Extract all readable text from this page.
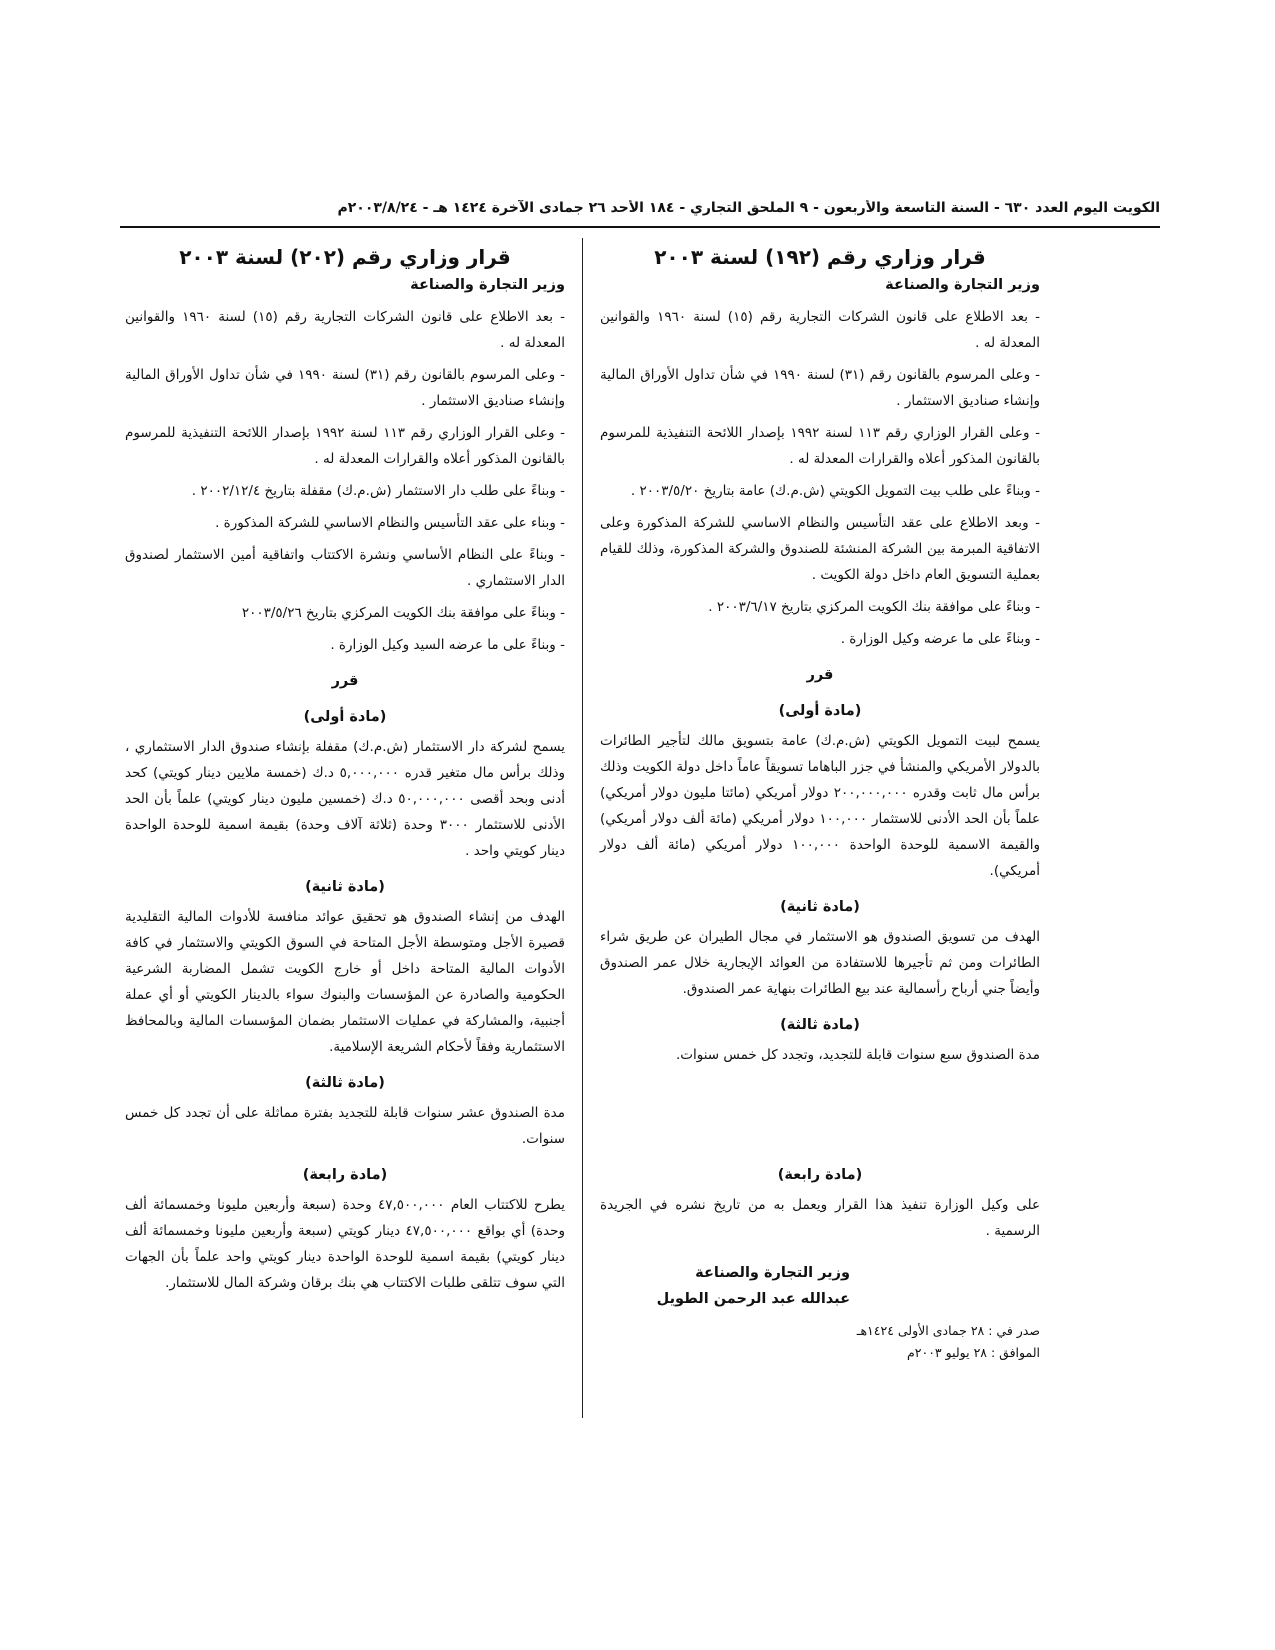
الكويت اليوم العدد ٦٣٠ - السنة التاسعة والأربعون - ٩ الملحق التجاري - ١٨٤ الأحد ٢٦ جمادى الآخرة ١٤٢٤ هـ - ٢٠٠٣/٨/٢٤م
قرار وزاري رقم (١٩٢) لسنة ٢٠٠٣
وزير التجارة والصناعة
- بعد الاطلاع على قانون الشركات التجارية رقم (١٥) لسنة ١٩٦٠ والقوانين المعدلة له .
- وعلى المرسوم بالقانون رقم (٣١) لسنة ١٩٩٠ في شأن تداول الأوراق المالية وإنشاء صناديق الاستثمار .
- وعلى القرار الوزاري رقم ١١٣ لسنة ١٩٩٢ بإصدار اللائحة التنفيذية للمرسوم بالقانون المذكور أعلاه والقرارات المعدلة له .
- وبناءً على طلب بيت التمويل الكويتي (ش.م.ك) عامة بتاريخ ٢٠٠٣/٥/٢٠ .
- وبعد الاطلاع على عقد التأسيس والنظام الاساسي للشركة المذكورة وعلى الاتفاقية المبرمة بين الشركة المنشئة للصندوق والشركة المذكورة، وذلك للقيام بعملية التسويق العام داخل دولة الكويت .
- وبناءً على موافقة بنك الكويت المركزي بتاريخ ٢٠٠٣/٦/١٧ .
- وبناءً على ما عرضه وكيل الوزارة .
قرر
(مادة أولى)
يسمح لبيت التمويل الكويتي (ش.م.ك) عامة بتسويق مالك لتأجير الطائرات بالدولار الأمريكي والمنشأ في جزر الباهاما تسويقاً عاماً داخل دولة الكويت وذلك برأس مال ثابت وقدره ٢٠٠,٠٠٠,٠٠٠ دولار أمريكي (مائتا مليون دولار أمريكي) علماً بأن الحد الأدنى للاستثمار ١٠٠,٠٠٠ دولار أمريكي (مائة ألف دولار أمريكي) والقيمة الاسمية للوحدة الواحدة ١٠٠,٠٠٠ دولار أمريكي (مائة ألف دولار أمريكي).
(مادة ثانية)
الهدف من تسويق الصندوق هو الاستثمار في مجال الطيران عن طريق شراء الطائرات ومن ثم تأجيرها للاستفادة من العوائد الإيجارية خلال عمر الصندوق وأيضاً جني أرباح رأسمالية عند بيع الطائرات بنهاية عمر الصندوق.
(مادة ثالثة)
مدة الصندوق سبع سنوات قابلة للتجديد، وتجدد كل خمس سنوات.
(مادة رابعة)
على وكيل الوزارة تنفيذ هذا القرار ويعمل به من تاريخ نشره في الجريدة الرسمية .
وزير التجارة والصناعة
عبدالله عبد الرحمن الطويل
صدر في : ٢٨ جمادى الأولى ١٤٢٤هـ
الموافق : ٢٨ يوليو ٢٠٠٣م
قرار وزاري رقم (٢٠٢) لسنة ٢٠٠٣
وزير التجارة والصناعة
- بعد الاطلاع على قانون الشركات التجارية رقم (١٥) لسنة ١٩٦٠ والقوانين المعدلة له .
- وعلى المرسوم بالقانون رقم (٣١) لسنة ١٩٩٠ في شأن تداول الأوراق المالية وإنشاء صناديق الاستثمار .
- وعلى القرار الوزاري رقم ١١٣ لسنة ١٩٩٢ بإصدار اللائحة التنفيذية للمرسوم بالقانون المذكور أعلاه والقرارات المعدلة له .
- وبناءً على طلب دار الاستثمار (ش.م.ك) مقفلة بتاريخ ٢٠٠٢/١٢/٤ .
- وبناء على عقد التأسيس والنظام الاساسي للشركة المذكورة .
- وبناءً على النظام الأساسي ونشرة الاكتتاب واتفاقية أمين الاستثمار لصندوق الدار الاستثماري .
- وبناءً على موافقة بنك الكويت المركزي بتاريخ ٢٠٠٣/٥/٢٦
- وبناءً على ما عرضه السيد وكيل الوزارة .
قرر
(مادة أولى)
يسمح لشركة دار الاستثمار (ش.م.ك) مقفلة بإنشاء صندوق الدار الاستثماري ، وذلك برأس مال متغير قدره ٥,٠٠٠,٠٠٠ د.ك (خمسة ملايين دينار كويتي) كحد أدنى وبحد أقصى ٥٠,٠٠٠,٠٠٠ د.ك (خمسين مليون دينار كويتي) علماً بأن الحد الأدنى للاستثمار ٣٠٠٠ وحدة (ثلاثة آلاف وحدة) بقيمة اسمية للوحدة الواحدة دينار كويتي واحد .
(مادة ثانية)
الهدف من إنشاء الصندوق هو تحقيق عوائد منافسة للأدوات المالية التقليدية قصيرة الأجل ومتوسطة الأجل المتاحة في السوق الكويتي والاستثمار في كافة الأدوات المالية المتاحة داخل أو خارج الكويت تشمل المضاربة الشرعية الحكومية والصادرة عن المؤسسات والبنوك سواء بالدينار الكويتي أو أي عملة أجنبية، والمشاركة في عمليات الاستثمار بضمان المؤسسات المالية وبالمحافظ الاستثمارية وفقاً لأحكام الشريعة الإسلامية.
(مادة ثالثة)
مدة الصندوق عشر سنوات قابلة للتجديد بفترة مماثلة على أن تجدد كل خمس سنوات.
(مادة رابعة)
يطرح للاكتتاب العام ٤٧,٥٠٠,٠٠٠ وحدة (سبعة وأربعين مليونا وخمسمائة ألف وحدة) أي بواقع ٤٧,٥٠٠,٠٠٠ دينار كويتي (سبعة وأربعين مليونا وخمسمائة ألف دينار كويتي) بقيمة اسمية للوحدة الواحدة دينار كويتي واحد علماً بأن الجهات التي سوف تتلقى طلبات الاكتتاب هي بنك برقان وشركة المال للاستثمار.
